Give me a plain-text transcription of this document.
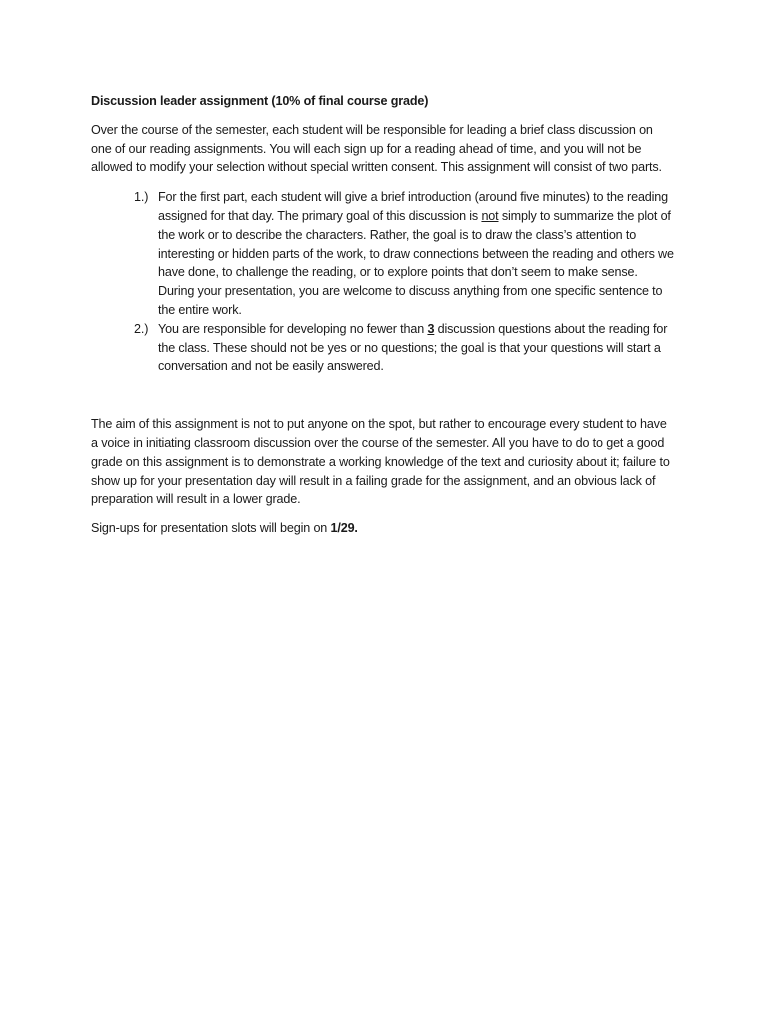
Discussion leader assignment (10% of final course grade)

Over the course of the semester, each student will be responsible for leading a brief class discussion on one of our reading assignments. You will each sign up for a reading ahead of time, and you will not be allowed to modify your selection without special written consent. This assignment will consist of two parts.

1.) For the first part, each student will give a brief introduction (around five minutes) to the reading assigned for that day. The primary goal of this discussion is not simply to summarize the plot of the work or to describe the characters. Rather, the goal is to draw the class’s attention to interesting or hidden parts of the work, to draw connections between the reading and others we have done, to challenge the reading, or to explore points that don’t seem to make sense. During your presentation, you are welcome to discuss anything from one specific sentence to the entire work.
2.) You are responsible for developing no fewer than 3 discussion questions about the reading for the class. These should not be yes or no questions; the goal is that your questions will start a conversation and not be easily answered.

The aim of this assignment is not to put anyone on the spot, but rather to encourage every student to have a voice in initiating classroom discussion over the course of the semester. All you have to do to get a good grade on this assignment is to demonstrate a working knowledge of the text and curiosity about it; failure to show up for your presentation day will result in a failing grade for the assignment, and an obvious lack of preparation will result in a lower grade.

Sign-ups for presentation slots will begin on 1/29.
